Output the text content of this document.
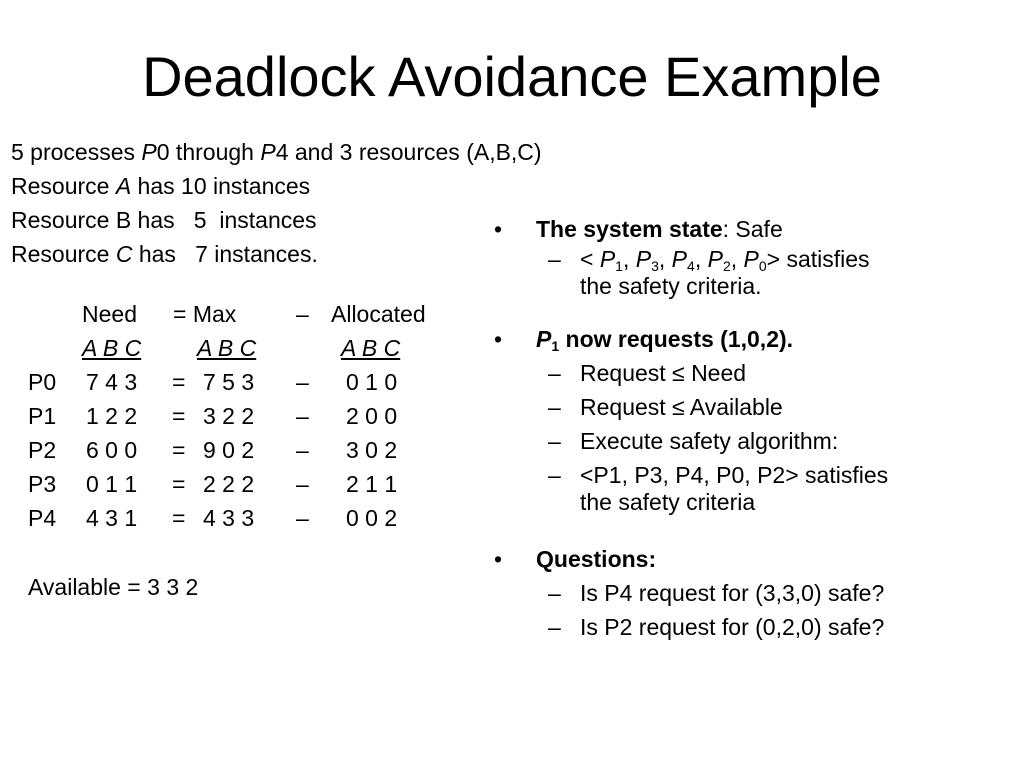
Deadlock Avoidance Example
5 processes P0 through P4 and 3 resources (A,B,C)
Resource A has 10 instances
Resource B has   5  instances
Resource C has   7 instances.
Need = Max	– Allocated
A B C A B C	A B C
P0 7 4 3 = 7 5 3 – 0 1 0
P1 1 2 2 = 3 2 2 – 2 0 0
P2 6 0 0 = 9 0 2 – 3 0 2
P3 0 1 1 = 2 2 2 – 2 1 1
P4 4 3 1 = 4 3 3 – 0 0 2
Available = 3 3 2
• The system state: Safe
– < $P_1$, $P_3$, $P_4$, $P_2$, $P_0>$ satisfies
the safety criteria.
• $P_1$ now requests (1,0,2).
– Request ≤ Need
– Request ≤ Available
– Execute safety algorithm:
– <P1, P3, P4, P0, P2> satisfies
the safety criteria
• Questions:
– Is P4 request for (3,3,0) safe?
– Is P2 request for (0,2,0) safe?
